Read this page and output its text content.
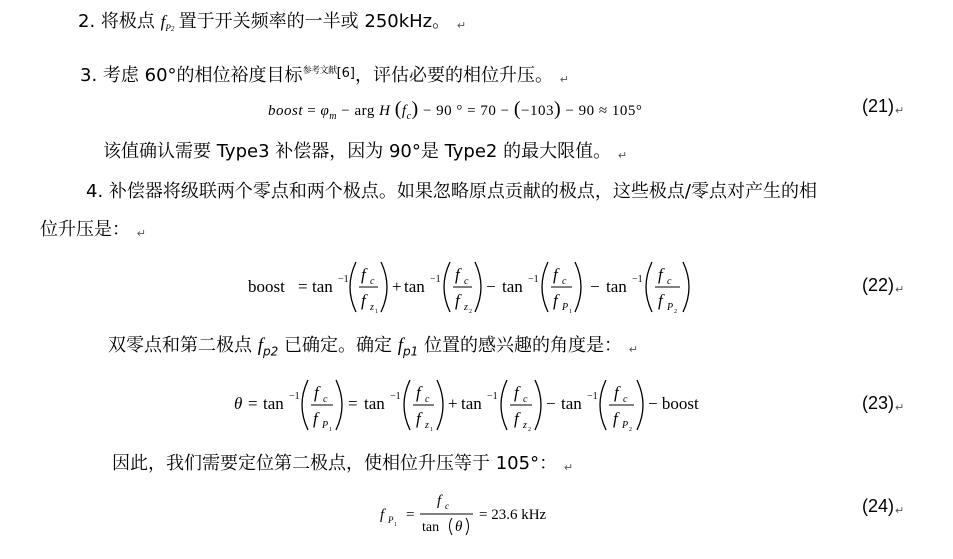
2. 将极点 $f_{P2}$ 置于开关频率的一半或 250kHz。 ↵
3. 考虑 60°的相位裕度目标$^{参考文献[6]}$，评估必要的相位升压。 ↵
boost = $\varphi_m$ − arg H $(f_c) - 90$ ° = 70 − (−103) − 90 ≈ 105°	(21)↵
该值确认需要 Type3 补偿器，因为 90°是 Type2 的最大限值。 ↵
4. 补偿器将级联两个零点和两个极点。如果忽略原点贡献的极点，这些极点/零点对产生的相
位升压是： ↵
boost = tan −1 f c
f z 1
+ tan −1 f c
f z 2
− tan −1 f c
f P 1
− tan −1 f c
f P 2
(22)↵
双零点和第二极点 $f_{p2}$ 已确定。确定 $f_{p1}$ 位置的感兴趣的角度是： ↵
θ = tan −1 f c
f P 1
= tan −1 f c
f z 1
+ tan −1 f c
f z 2
− tan −1 f c
f P 2
− boost	(23)↵
因此，我们需要定位第二极点，使相位升压等于 105°： ↵
f P 1
=
f c
tan θ
= 23.6 kHz	(24)↵
